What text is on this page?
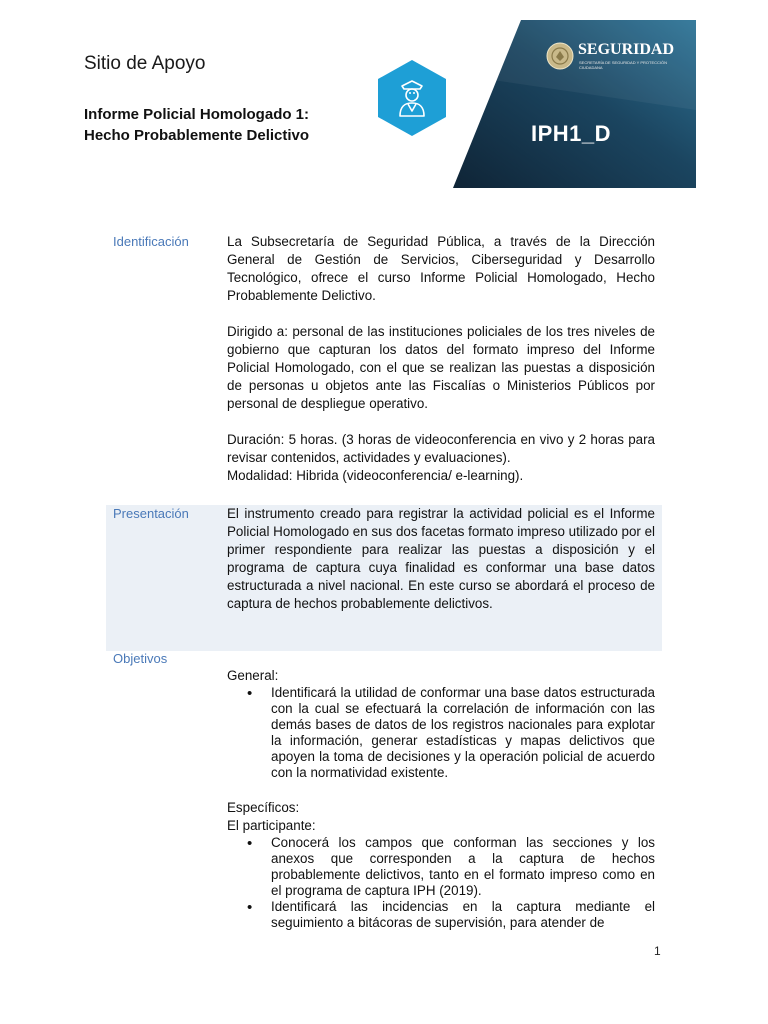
Sitio de Apoyo
Informe Policial Homologado 1:
Hecho Probablemente Delictivo
SEGURIDAD
SECRETARÍA DE SEGURIDAD Y PROTECCIÓN CIUDADANA
IPH1_D
Identificación	La Subsecretaría de Seguridad Pública, a través de la Dirección General de Gestión de Servicios, Ciberseguridad y Desarrollo Tecnológico, ofrece el curso Informe Policial Homologado, Hecho Probablemente Delictivo.

Dirigido a: personal de las instituciones policiales de los tres niveles de gobierno que capturan los datos del formato impreso del Informe Policial Homologado, con el que se realizan las puestas a disposición de personas u objetos ante las Fiscalías o Ministerios Públicos por personal de despliegue operativo.

Duración: 5 horas. (3 horas de videoconferencia en vivo y 2 horas para revisar contenidos, actividades y evaluaciones).

Modalidad: Hibrida (videoconferencia/ e-learning).

Presentación	El instrumento creado para registrar la actividad policial es el Informe Policial Homologado en sus dos facetas formato impreso utilizado por el primer respondiente para realizar las puestas a disposición y el programa de captura cuya finalidad es conformar una base datos estructurada a nivel nacional. En este curso se abordará el proceso de captura de hechos probablemente delictivos.

Objetivos

General:

• Identificará la utilidad de conformar una base datos estructurada con la cual se efectuará la correlación de información con las demás bases de datos de los registros nacionales para explotar la información, generar estadísticas y mapas delictivos que apoyen la toma de decisiones y la operación policial de acuerdo con la normatividad existente.

Específicos:

El participante:

• Conocerá los campos que conforman las secciones y los anexos que corresponden a la captura de hechos probablemente delictivos, tanto en el formato impreso como en el programa de captura IPH (2019).
• Identificará las incidencias en la captura mediante el seguimiento a bitácoras de supervisión, para atender de
1
